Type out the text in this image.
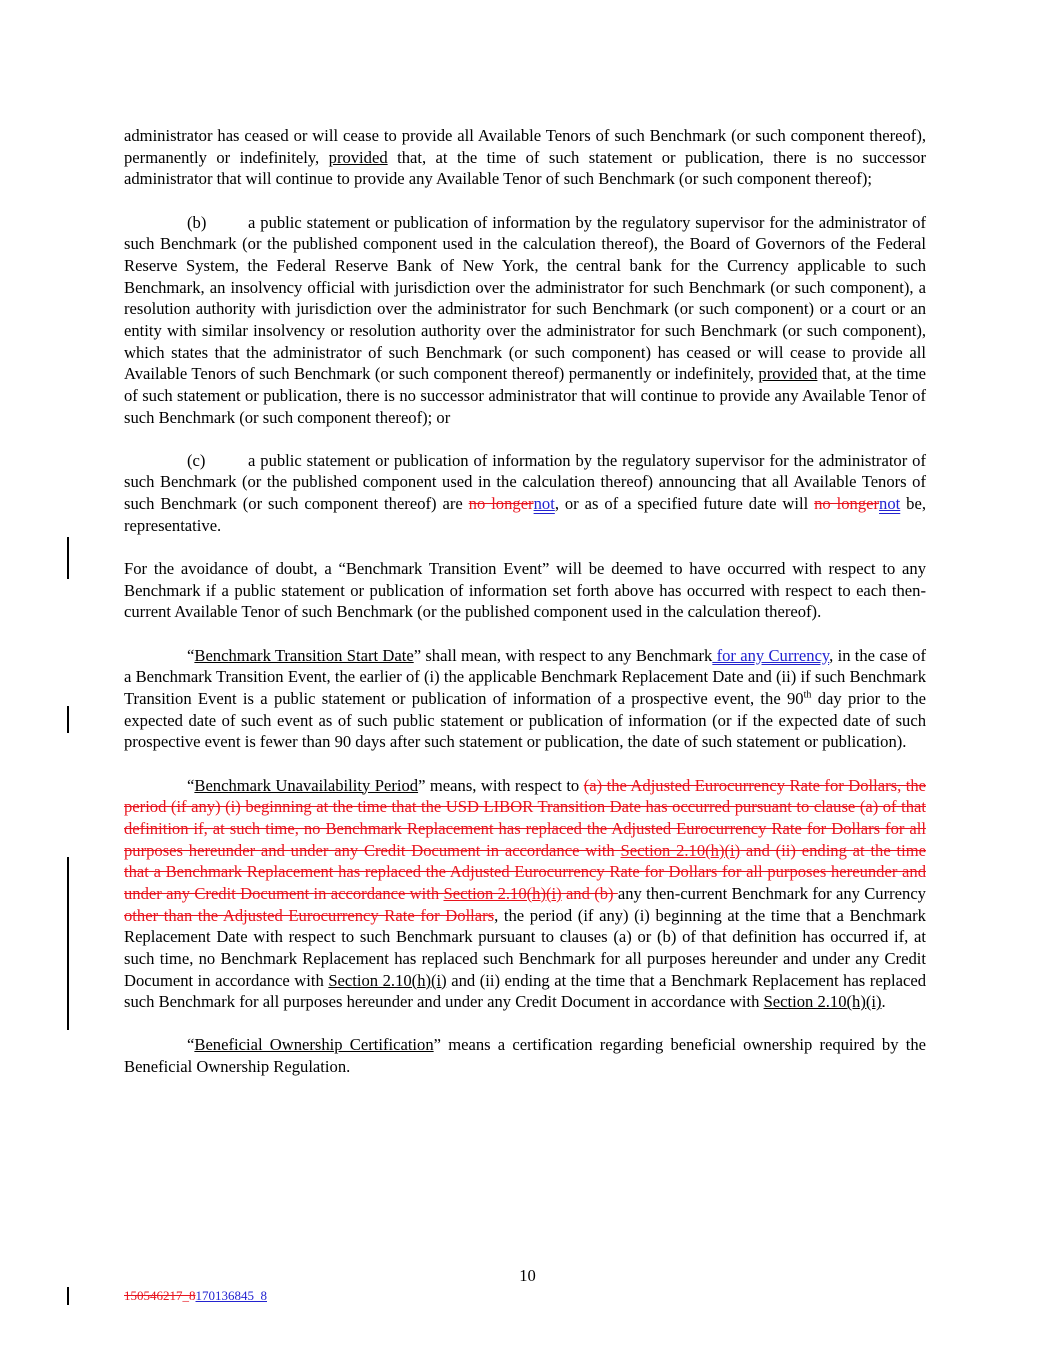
administrator has ceased or will cease to provide all Available Tenors of such Benchmark (or such component thereof), permanently or indefinitely, provided that, at the time of such statement or publication, there is no successor administrator that will continue to provide any Available Tenor of such Benchmark (or such component thereof);

(b)	a public statement or publication of information by the regulatory supervisor for the administrator of such Benchmark (or the published component used in the calculation thereof), the Board of Governors of the Federal Reserve System, the Federal Reserve Bank of New York, the central bank for the Currency applicable to such Benchmark, an insolvency official with jurisdiction over the administrator for such Benchmark (or such component), a resolution authority with jurisdiction over the administrator for such Benchmark (or such component) or a court or an entity with similar insolvency or resolution authority over the administrator for such Benchmark (or such component), which states that the administrator of such Benchmark (or such component) has ceased or will cease to provide all Available Tenors of such Benchmark (or such component thereof) permanently or indefinitely, provided that, at the time of such statement or publication, there is no successor administrator that will continue to provide any Available Tenor of such Benchmark (or such component thereof); or

(c)	a public statement or publication of information by the regulatory supervisor for the administrator of such Benchmark (or the published component used in the calculation thereof) announcing that all Available Tenors of such Benchmark (or such component thereof) are no longernot, or as of a specified future date will no longernot be, representative.

For the avoidance of doubt, a “Benchmark Transition Event” will be deemed to have occurred with respect to any Benchmark if a public statement or publication of information set forth above has occurred with respect to each then-current Available Tenor of such Benchmark (or the published component used in the calculation thereof).

“Benchmark Transition Start Date” shall mean, with respect to any Benchmark for any Currency, in the case of a Benchmark Transition Event, the earlier of (i) the applicable Benchmark Replacement Date and (ii) if such Benchmark Transition Event is a public statement or publication of information of a prospective event, the 90th day prior to the expected date of such event as of such public statement or publication of information (or if the expected date of such prospective event is fewer than 90 days after such statement or publication, the date of such statement or publication).

“Benchmark Unavailability Period” means, with respect to (a) the Adjusted Eurocurrency Rate for Dollars, the period (if any) (i) beginning at the time that the USD LIBOR Transition Date has occurred pursuant to clause (a) of that definition if, at such time, no Benchmark Replacement has replaced the Adjusted Eurocurrency Rate for Dollars for all purposes hereunder and under any Credit Document in accordance with Section 2.10(h)(i) and (ii) ending at the time that a Benchmark Replacement has replaced the Adjusted Eurocurrency Rate for Dollars for all purposes hereunder and under any Credit Document in accordance with Section 2.10(h)(i) and (b) any then-current Benchmark for any Currency other than the Adjusted Eurocurrency Rate for Dollars, the period (if any) (i) beginning at the time that a Benchmark Replacement Date with respect to such Benchmark pursuant to clauses (a) or (b) of that definition has occurred if, at such time, no Benchmark Replacement has replaced such Benchmark for all purposes hereunder and under any Credit Document in accordance with Section 2.10(h)(i) and (ii) ending at the time that a Benchmark Replacement has replaced such Benchmark for all purposes hereunder and under any Credit Document in accordance with Section 2.10(h)(i).

“Beneficial Ownership Certification” means a certification regarding beneficial ownership required by the Beneficial Ownership Regulation.

10
150546217_8170136845_8
